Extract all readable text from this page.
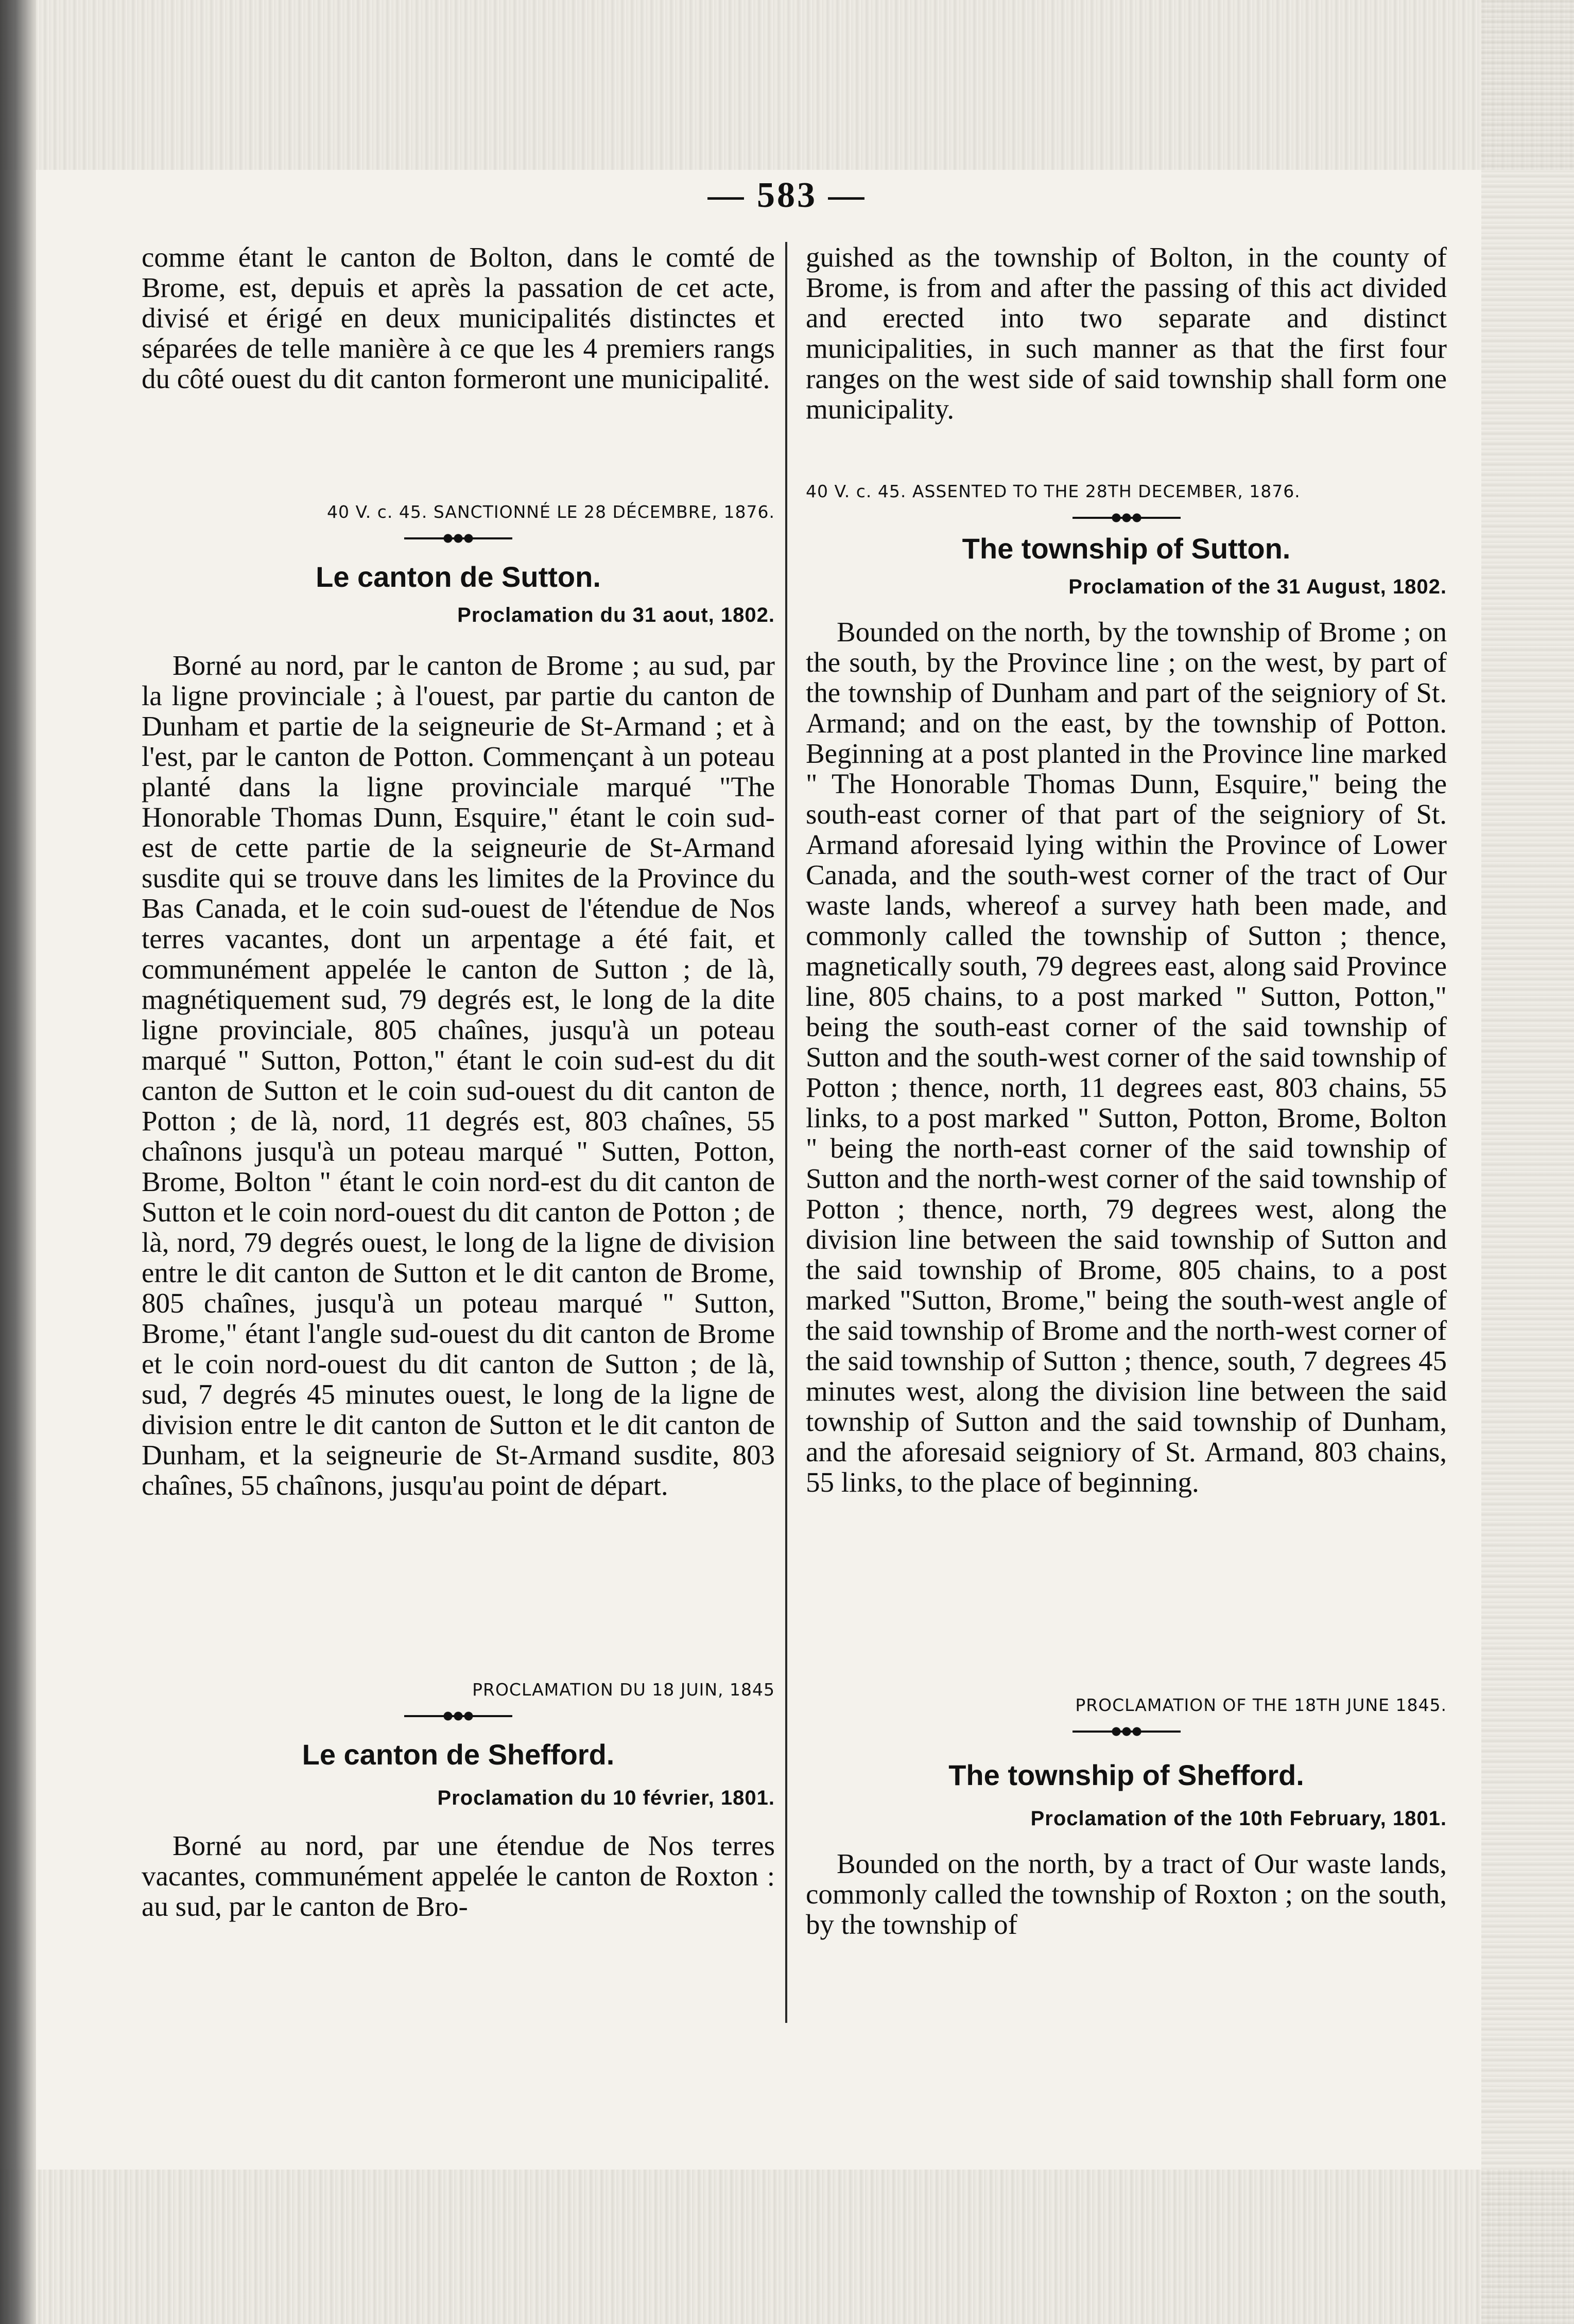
— 583 —

comme étant le canton de Bolton, dans le comté de Brome, est, depuis et après la passation de cet acte, divisé et érigé en deux municipalités distinctes et séparées de telle manière à ce que les 4 premiers rangs du côté ouest du dit canton formeront une municipalité.

40 V. c. 45. SANCTIONNÉ LE 28 DÉCEMBRE, 1876.

Le canton de Sutton.

Proclamation du 31 aout, 1802.

Borné au nord, par le canton de Brome ; au sud, par la ligne provinciale ; à l'ouest, par partie du canton de Dunham et partie de la seigneurie de St-Armand ; et à l'est, par le canton de Potton. Commençant à un poteau planté dans la ligne provinciale marqué "The Honorable Thomas Dunn, Esquire," étant le coin sud-est de cette partie de la seigneurie de St-Armand susdite qui se trouve dans les limites de la Province du Bas Canada, et le coin sud-ouest de l'étendue de Nos terres vacantes, dont un arpentage a été fait, et communément appelée le canton de Sutton ; de là, magnétiquement sud, 79 degrés est, le long de la dite ligne provinciale, 805 chaînes, jusqu'à un poteau marqué " Sutton, Potton," étant le coin sud-est du dit canton de Sutton et le coin sud-ouest du dit canton de Potton ; de là, nord, 11 degrés est, 803 chaînes, 55 chaînons jusqu'à un poteau marqué " Sutten, Potton, Brome, Bolton " étant le coin nord-est du dit canton de Sutton et le coin nord-ouest du dit canton de Potton ; de là, nord, 79 degrés ouest, le long de la ligne de division entre le dit canton de Sutton et le dit canton de Brome, 805 chaînes, jusqu'à un poteau marqué " Sutton, Brome," étant l'angle sud-ouest du dit canton de Brome et le coin nord-ouest du dit canton de Sutton ; de là, sud, 7 degrés 45 minutes ouest, le long de la ligne de division entre le dit canton de Sutton et le dit canton de Dunham, et la seigneurie de St-Armand susdite, 803 chaînes, 55 chaînons, jusqu'au point de départ.

PROCLAMATION DU 18 JUIN, 1845

Le canton de Shefford.

Proclamation du 10 février, 1801.

Borné au nord, par une étendue de Nos terres vacantes, communément appelée le canton de Roxton : au sud, par le canton de Bro-

guished as the township of Bolton, in the county of Brome, is from and after the passing of this act divided and erected into two separate and distinct municipalities, in such manner as that the first four ranges on the west side of said township shall form one municipality.

40 V. c. 45. ASSENTED TO THE 28TH DECEMBER, 1876.

The township of Sutton.

Proclamation of the 31 August, 1802.

Bounded on the north, by the township of Brome ; on the south, by the Province line ; on the west, by part of the township of Dunham and part of the seigniory of St. Armand; and on the east, by the township of Potton. Beginning at a post planted in the Province line marked " The Honorable Thomas Dunn, Esquire," being the south-east corner of that part of the seigniory of St. Armand aforesaid lying within the Province of Lower Canada, and the south-west corner of the tract of Our waste lands, whereof a survey hath been made, and commonly called the township of Sutton ; thence, magnetically south, 79 degrees east, along said Province line, 805 chains, to a post marked " Sutton, Potton," being the south-east corner of the said township of Sutton and the south-west corner of the said township of Potton ; thence, north, 11 degrees east, 803 chains, 55 links, to a post marked " Sutton, Potton, Brome, Bolton " being the north-east corner of the said township of Sutton and the north-west corner of the said township of Potton ; thence, north, 79 degrees west, along the division line between the said township of Sutton and the said township of Brome, 805 chains, to a post marked "Sutton, Brome," being the south-west angle of the said township of Brome and the north-west corner of the said township of Sutton ; thence, south, 7 degrees 45 minutes west, along the division line between the said township of Sutton and the said township of Dunham, and the aforesaid seigniory of St. Armand, 803 chains, 55 links, to the place of beginning.

PROCLAMATION OF THE 18TH JUNE 1845.

The township of Shefford.

Proclamation of the 10th February, 1801.

Bounded on the north, by a tract of Our waste lands, commonly called the township of Roxton ; on the south, by the township of
